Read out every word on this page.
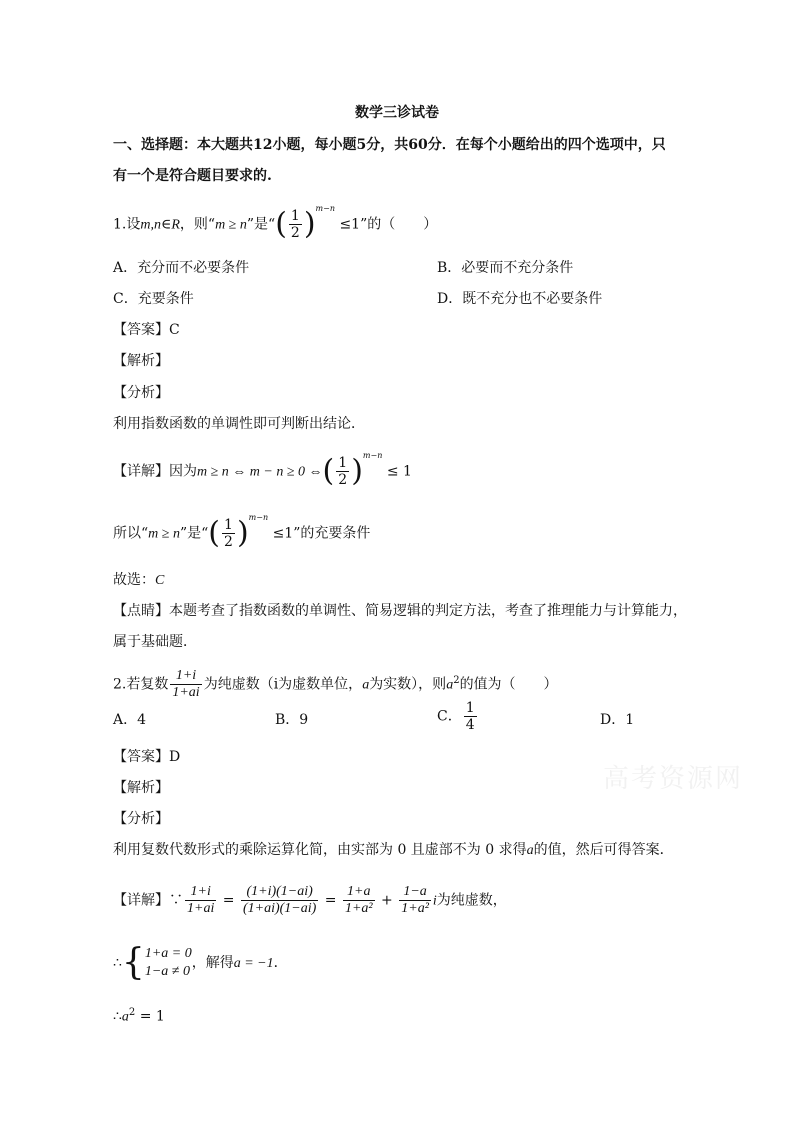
数学三诊试卷
一、选择题：本大题共12小题，每小题5分，共60分．在每个小题给出的四个选项中，只
有一个是符合题目要求的.
1.设m,n∈R，则“m ≥ n”是“( $\frac{1}{2} )^{m-n} \le 1$”的（　　）
A．充分而不必要条件	B．必要而不充分条件
C．充要条件	D．既不充分也不必要条件
【答案】C
【解析】
【分析】
利用指数函数的单调性即可判断出结论．
【详解】因为m ≥ n ⇔ m − n ≥ 0 ⇔( $\frac{1}{2} )^{m-n} \le 1$
所以“m ≥ n”是“( $\frac{1}{2} )^{m-n} \le 1$”的充要条件
故选：C
【点睛】本题考查了指数函数的单调性、简易逻辑的判定方法，考查了推理能力与计算能力，
属于基础题．
2.若复数 $\frac{1+i}{1+ai}$ 为纯虚数（i为虚数单位，a为实数），则$a^2$的值为（　　）
A．4	B．9	C． $\frac{1}{4}$	D．1
【答案】D
【解析】
【分析】
利用复数代数形式的乘除运算化简，由实部为 0 且虚部不为 0 求得a的值，然后可得答案．
【详解】∵ $\frac{1+i}{1+ai} = \frac{(1+i)(1-ai)}{(1+ai)(1-ai)} = \frac{1+a}{\text{1+a²}} + \frac{1-a}{\text{1+a²}}$ i为纯虚数，
∴{ 1+a = 0
1−a ≠ 0
，解得a = −1．
$\therefore a^2 = 1$
高考资源网
